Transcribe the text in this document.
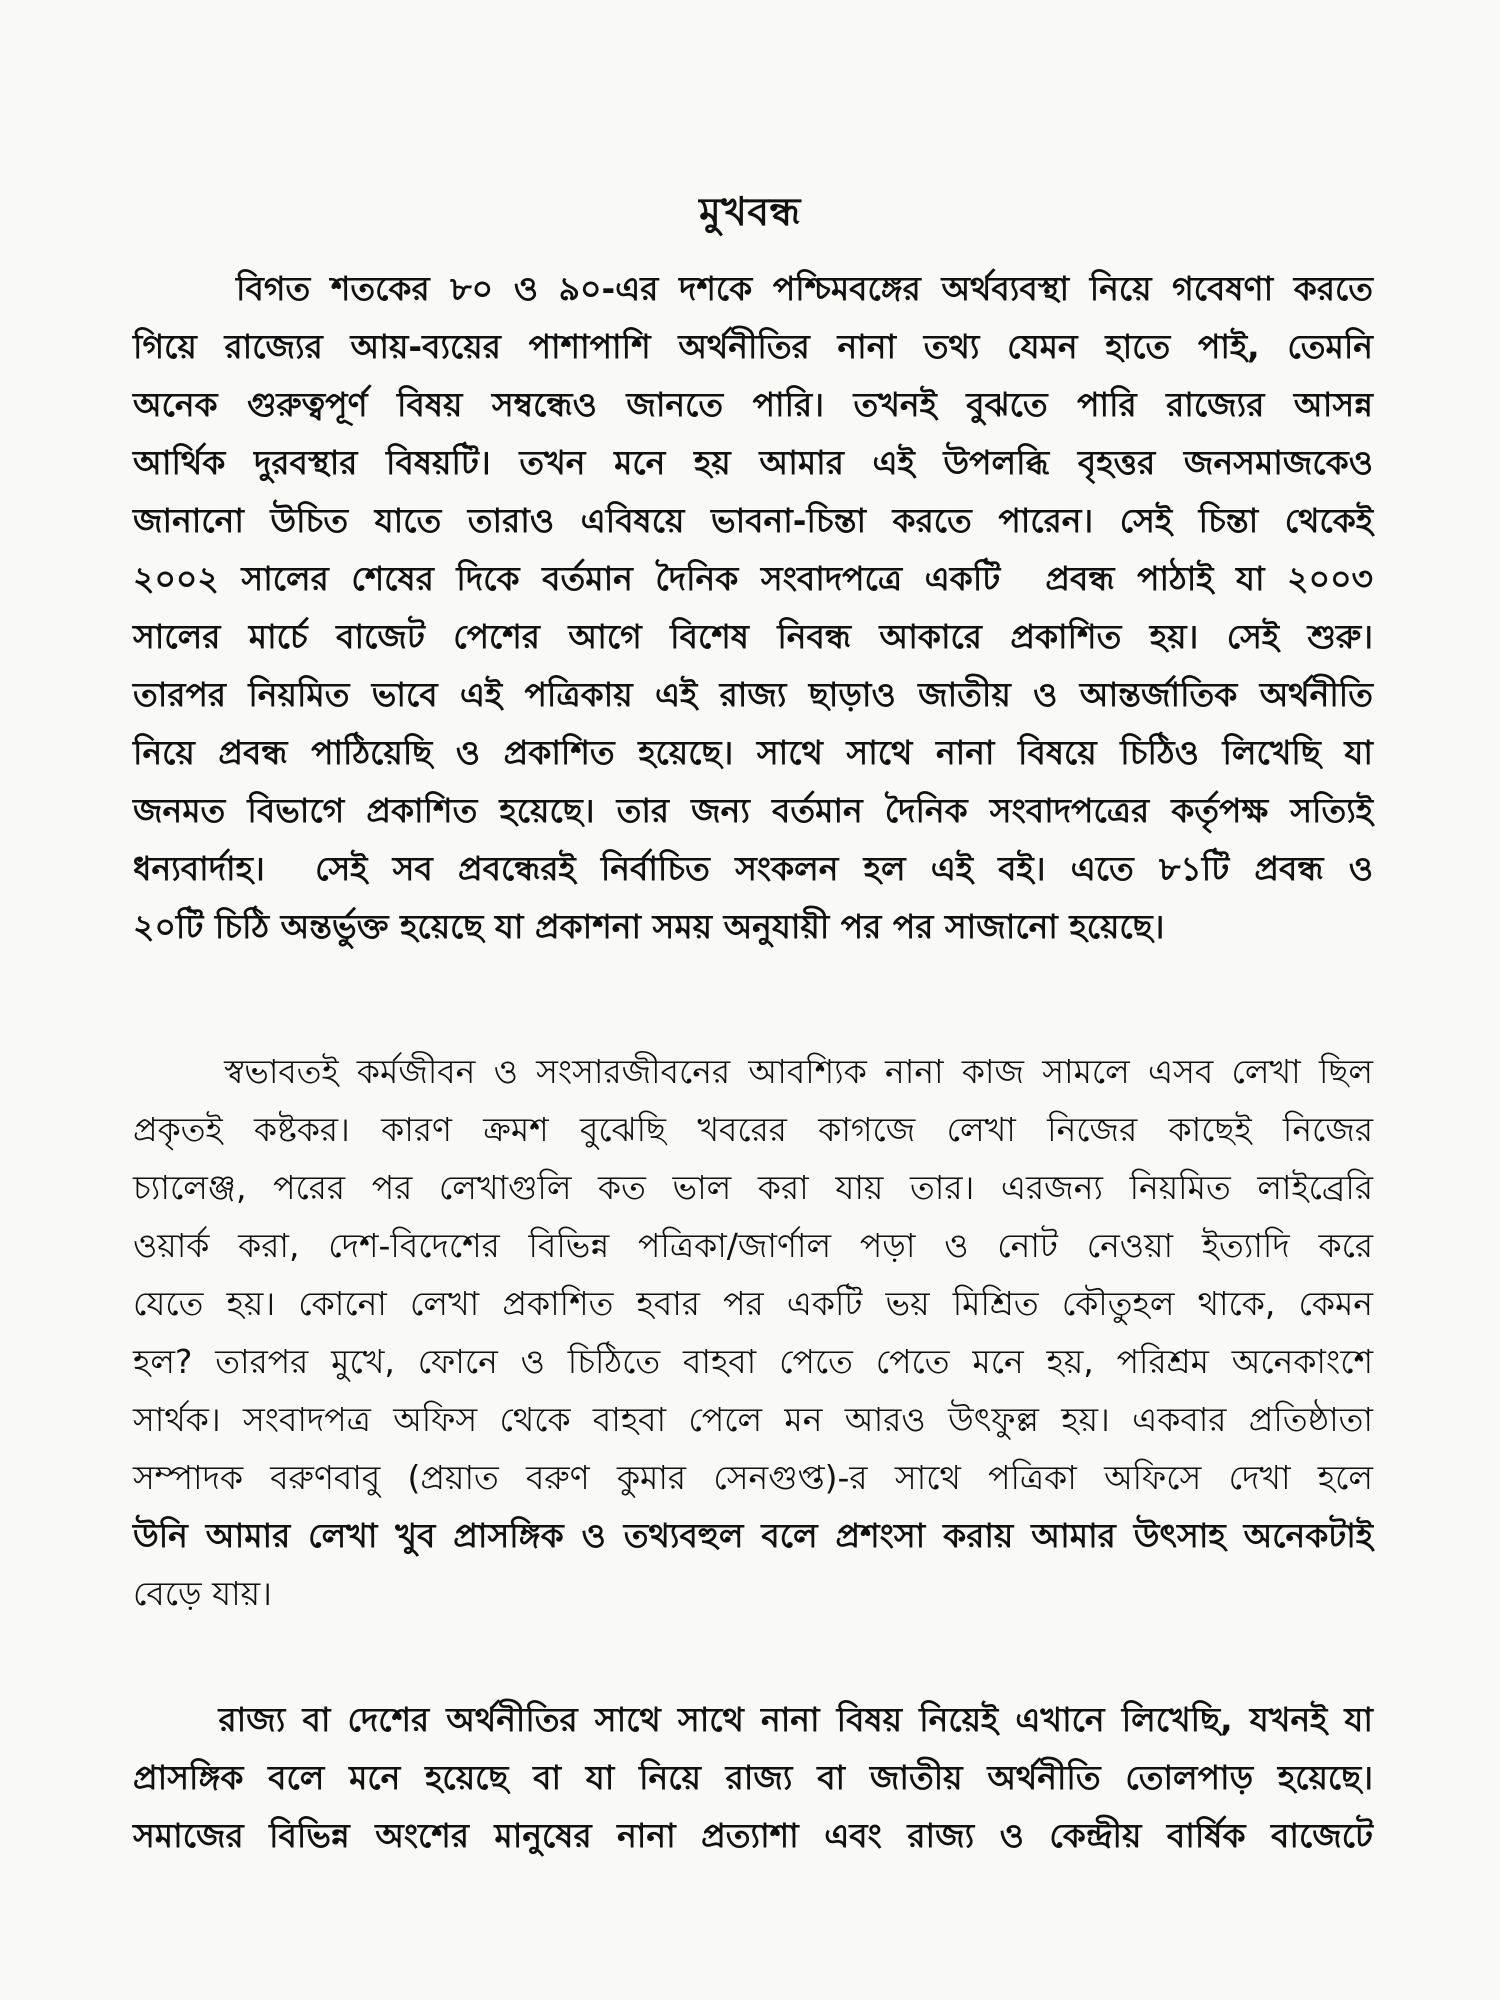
মুখবন্ধ
বিগত শতকের ৮০ ও ৯০-এর দশকে পশ্চিমবঙ্গের অর্থব্যবস্থা নিয়ে গবেষণা করতে
গিয়ে রাজ্যের আয়-ব্যয়ের পাশাপাশি অর্থনীতির নানা তথ্য যেমন হাতে পাই, তেমনি
অনেক গুরুত্বপূর্ণ বিষয় সম্বন্ধেও জানতে পারি। তখনই বুঝতে পারি রাজ্যের আসন্ন
আর্থিক দুরবস্থার বিষয়টি। তখন মনে হয় আমার এই উপলব্ধি বৃহত্তর জনসমাজকেও
জানানো উচিত যাতে তারাও এবিষয়ে ভাবনা-চিন্তা করতে পারেন। সেই চিন্তা থেকেই
২০০২ সালের শেষের দিকে বর্তমান দৈনিক সংবাদপত্রে একটি  প্রবন্ধ পাঠাই যা ২০০৩
সালের মার্চে বাজেট পেশের আগে বিশেষ নিবন্ধ আকারে প্রকাশিত হয়। সেই শুরু।
তারপর নিয়মিত ভাবে এই পত্রিকায় এই রাজ্য ছাড়াও জাতীয় ও আন্তর্জাতিক অর্থনীতি
নিয়ে প্রবন্ধ পাঠিয়েছি ও প্রকাশিত হয়েছে। সাথে সাথে নানা বিষয়ে চিঠিও লিখেছি যা
জনমত বিভাগে প্রকাশিত হয়েছে। তার জন্য বর্তমান দৈনিক সংবাদপত্রের কর্তৃপক্ষ সত্যিই
ধন্যবার্দাহ।  সেই সব প্রবন্ধেরই নির্বাচিত সংকলন হল এই বই। এতে ৮১টি প্রবন্ধ ও
২০টি চিঠি অন্তর্ভুক্ত হয়েছে যা প্রকাশনা সময় অনুযায়ী পর পর সাজানো হয়েছে।
স্বভাবতই কর্মজীবন ও সংসারজীবনের আবশ্যিক নানা কাজ সামলে এসব লেখা ছিল
প্রকৃতই কষ্টকর। কারণ ক্রমশ বুঝেছি খবরের কাগজে লেখা নিজের কাছেই নিজের
চ্যালেঞ্জ, পরের পর লেখাগুলি কত ভাল করা যায় তার। এরজন্য নিয়মিত লাইব্রেরি
ওয়ার্ক করা, দেশ-বিদেশের বিভিন্ন পত্রিকা/জার্ণাল পড়া ও নোট নেওয়া ইত্যাদি করে
যেতে হয়। কোনো লেখা প্রকাশিত হবার পর একটি ভয় মিশ্রিত কৌতুহল থাকে, কেমন
হল? তারপর মুখে, ফোনে ও চিঠিতে বাহবা পেতে পেতে মনে হয়, পরিশ্রম অনেকাংশে
সার্থক। সংবাদপত্র অফিস থেকে বাহবা পেলে মন আরও উৎফুল্ল হয়। একবার প্রতিষ্ঠাতা
সম্পাদক বরুণবাবু (প্রয়াত বরুণ কুমার সেনগুপ্ত)-র সাথে পত্রিকা অফিসে দেখা হলে
উনি আমার লেখা খুব প্রাসঙ্গিক ও তথ্যবহুল বলে প্রশংসা করায় আমার উৎসাহ অনেকটাই
বেড়ে যায়।
রাজ্য বা দেশের অর্থনীতির সাথে সাথে নানা বিষয় নিয়েই এখানে লিখেছি, যখনই যা
প্রাসঙ্গিক বলে মনে হয়েছে বা যা নিয়ে রাজ্য বা জাতীয় অর্থনীতি তোলপাড় হয়েছে।
সমাজের বিভিন্ন অংশের মানুষের নানা প্রত্যাশা এবং রাজ্য ও কেন্দ্রীয় বার্ষিক বাজেটে
